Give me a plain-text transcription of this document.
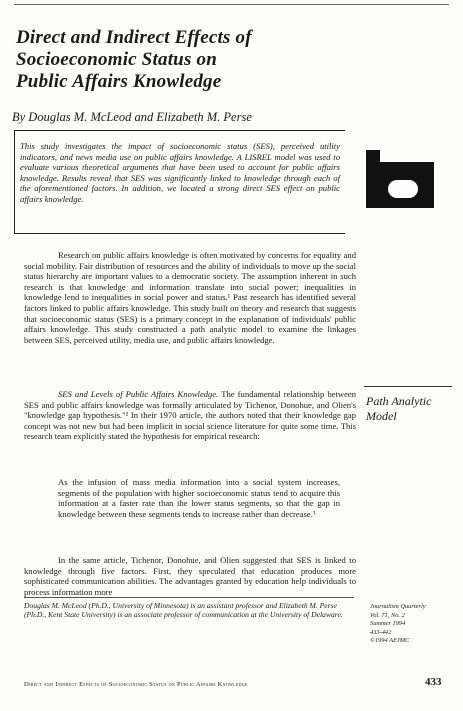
Direct and Indirect Effects of
Socioeconomic Status on
Public Affairs Knowledge

By Douglas M. McLeod and Elizabeth M. Perse

This study investigates the impact of socioeconomic status (SES), perceived utility indicators, and news media use on public affairs knowledge. A LISREL model was used to evaluate various theoretical arguments that have been used to account for public affairs knowledge. Results reveal that SES was significantly linked to knowledge through each of the aforementioned factors. In addition, we located a strong direct SES effect on public affairs knowledge.

Research on public affairs knowledge is often motivated by concerns for equality and social mobility. Fair distribution of resources and the ability of individuals to move up the social status hierarchy are important values to a democratic society. The assumption inherent in such research is that knowledge and information translate into social power; inequalities in knowledge lend to inequalities in social power and status.¹ Past research has identified several factors linked to public affairs knowledge. This study built on theory and research that suggests that socioeconomic status (SES) is a primary concept in the explanation of individuals' public affairs knowledge. This study constructed a path analytic model to examine the linkages between SES, perceived utility, media use, and public affairs knowledge.

SES and Levels of Public Affairs Knowledge. The fundamental relationship between SES and public affairs knowledge was formally articulated by Tichenor, Donohue, and Olien's "knowledge gap hypothesis."² In their 1970 article, the authors noted that their knowledge gap concept was not new but had been implicit in social science literature for quite some time. This research team explicitly stated the hypothesis for empirical research:

Path Analytic Model

As the infusion of mass media information into a social system increases, segments of the population with higher socioeconomic status tend to acquire this information at a faster rate than the lower status segments, so that the gap in knowledge between these segments tends to increase rather than decrease.³

In the same article, Tichenor, Donohue, and Olien suggested that SES is linked to knowledge through five factors. First, they speculated that education produces more sophisticated communication abilities. The advantages granted by education help individuals to process information more

Douglas M. McLeod (Ph.D., University of Minnesota) is an assistant professor and Elizabeth M. Perse (Ph.D., Kent State University) is an associate professor of communication at the University of Delaware.

Journalism Quarterly
Vol. 71, No. 2
Summer 1994
433-442
©1994 AEJMC

Direct and Indirect Effects of Socioeconomic Status on Public Affairs Knowledge	433
